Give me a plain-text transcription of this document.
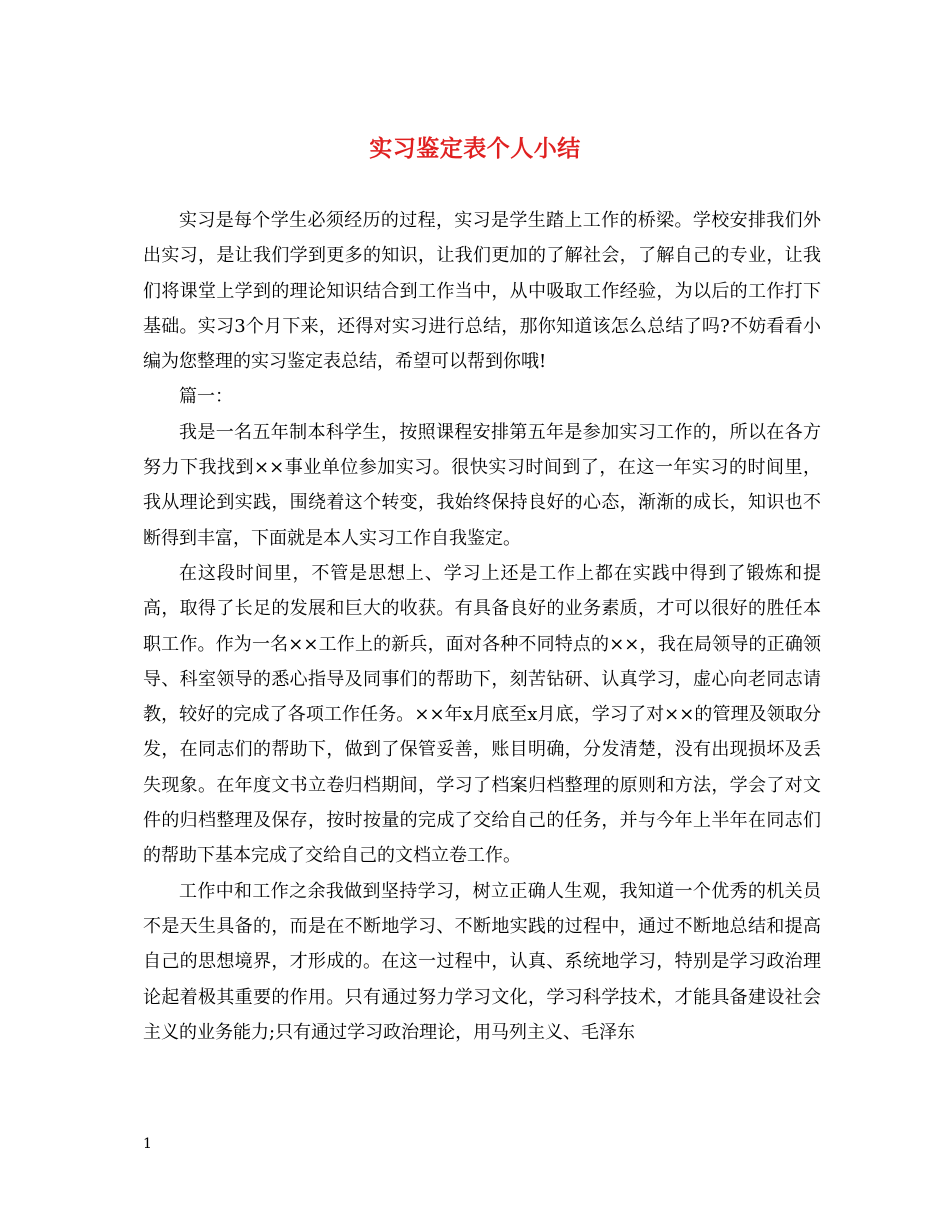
实习鉴定表个人小结

实习是每个学生必须经历的过程，实习是学生踏上工作的桥梁。学校安排我们外出实习，是让我们学到更多的知识，让我们更加的了解社会，了解自己的专业，让我们将课堂上学到的理论知识结合到工作当中，从中吸取工作经验，为以后的工作打下基础。实习3个月下来，还得对实习进行总结，那你知道该怎么总结了吗?不妨看看小编为您整理的实习鉴定表总结，希望可以帮到你哦!

篇一：

我是一名五年制本科学生，按照课程安排第五年是参加实习工作的，所以在各方努力下我找到××事业单位参加实习。很快实习时间到了，在这一年实习的时间里，我从理论到实践，围绕着这个转变，我始终保持良好的心态，渐渐的成长，知识也不断得到丰富，下面就是本人实习工作自我鉴定。

在这段时间里，不管是思想上、学习上还是工作上都在实践中得到了锻炼和提高，取得了长足的发展和巨大的收获。有具备良好的业务素质，才可以很好的胜任本职工作。作为一名××工作上的新兵，面对各种不同特点的××，我在局领导的正确领导、科室领导的悉心指导及同事们的帮助下，刻苦钻研、认真学习，虚心向老同志请教，较好的完成了各项工作任务。××年x月底至x月底，学习了对××的管理及领取分发，在同志们的帮助下，做到了保管妥善，账目明确，分发清楚，没有出现损坏及丢失现象。在年度文书立卷归档期间，学习了档案归档整理的原则和方法，学会了对文件的归档整理及保存，按时按量的完成了交给自己的任务，并与今年上半年在同志们的帮助下基本完成了交给自己的文档立卷工作。

工作中和工作之余我做到坚持学习，树立正确人生观，我知道一个优秀的机关员不是天生具备的，而是在不断地学习、不断地实践的过程中，通过不断地总结和提高自己的思想境界，才形成的。在这一过程中，认真、系统地学习，特别是学习政治理论起着极其重要的作用。只有通过努力学习文化，学习科学技术，才能具备建设社会主义的业务能力;只有通过学习政治理论，用马列主义、毛泽东

1
